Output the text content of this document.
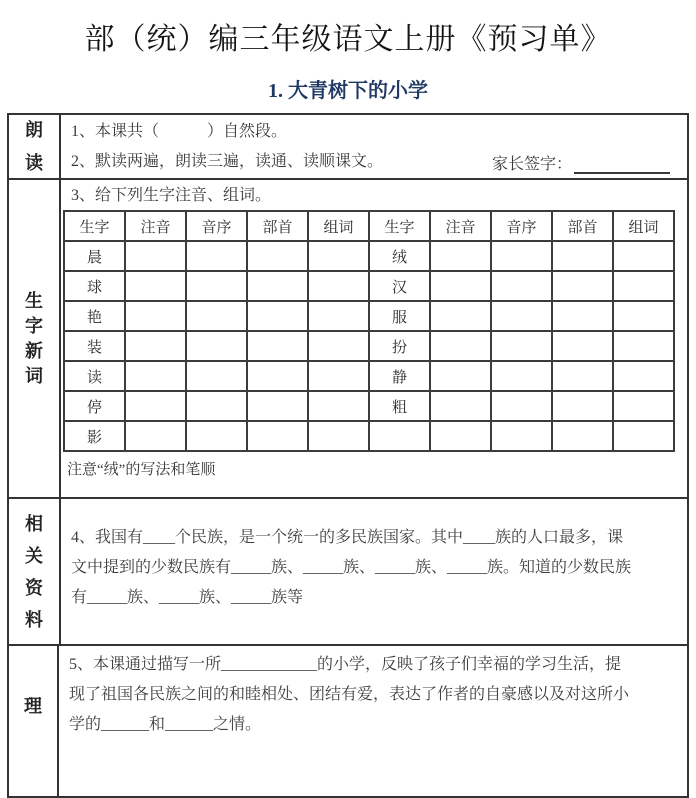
部（统）编三年级语文上册《预习单》
1. 大青树下的小学
朗读
1、本课共（　　　）自然段。
2、默读两遍，朗读三遍，读通、读顺课文。	家长签字：
生字新词
3、给下列生字注音、组词。
生字	注音	音序	部首	组词	生字	注音	音序	部首	组词
晨					绒				
球					汉				
艳					服				
装					扮				
读					静				
停					粗				
影									
注意“绒”的写法和笔顺
相关资料
4、我国有____个民族，是一个统一的多民族国家。其中____族的人口最多，课
文中提到的少数民族有_____族、_____族、_____族、_____族。知道的少数民族
有_____族、_____族、_____族等
理
5、本课通过描写一所____________的小学，反映了孩子们幸福的学习生活，提
现了祖国各民族之间的和睦相处、团结有爱，表达了作者的自豪感以及对这所小
学的______和______之情。
